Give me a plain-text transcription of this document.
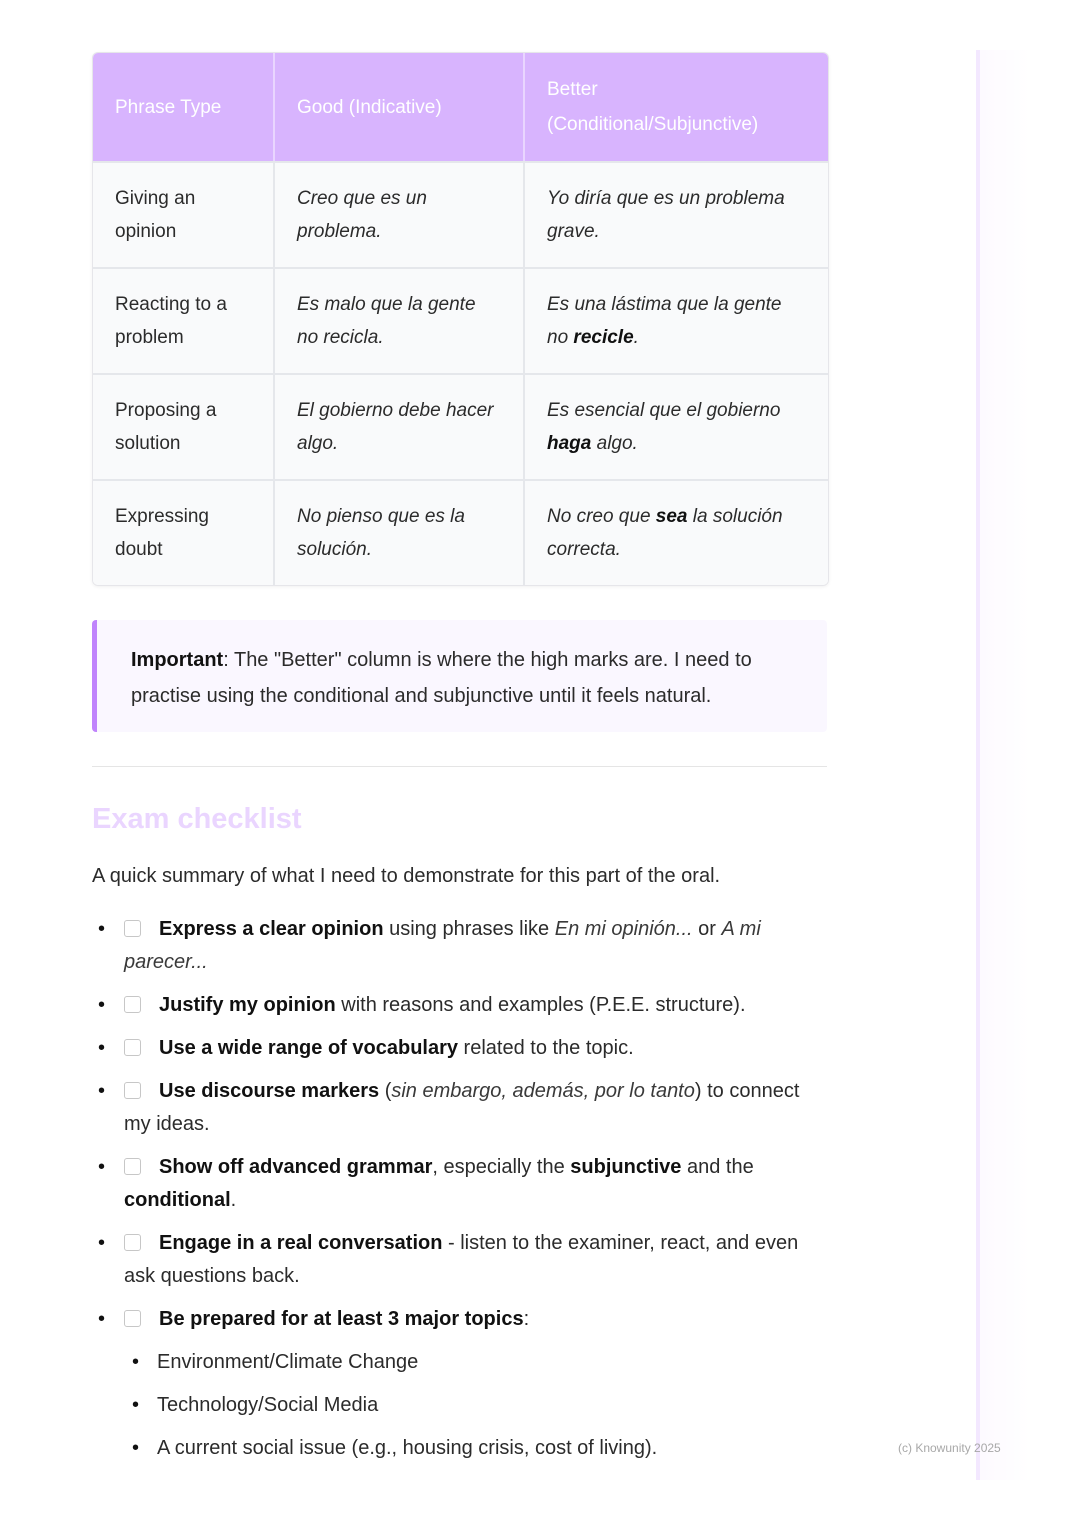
Phrase Type	Good (Indicative)	Better (Conditional/Subjunctive)
Giving an opinion	Creo que es un problema.	Yo diría que es un problema grave.
Reacting to a problem	Es malo que la gente no recicla.	Es una lástima que la gente no recicle.
Proposing a solution	El gobierno debe hacer algo.	Es esencial que el gobierno haga algo.
Expressing doubt	No pienso que es la solución.	No creo que sea la solución correcta.
Important: The "Better" column is where the high marks are. I need to practise using the conditional and subjunctive until it feels natural.
Exam checklist
A quick summary of what I need to demonstrate for this part of the oral.
• Express a clear opinion using phrases like En mi opinión... or A mi parecer...
• Justify my opinion with reasons and examples (P.E.E. structure).
• Use a wide range of vocabulary related to the topic.
• Use discourse markers (sin embargo, además, por lo tanto) to connect my ideas.
• Show off advanced grammar, especially the subjunctive and the conditional.
• Engage in a real conversation - listen to the examiner, react, and even ask questions back.
• Be prepared for at least 3 major topics:
• Environment/Climate Change
• Technology/Social Media
• A current social issue (e.g., housing crisis, cost of living).	(c) Knowunity 2025
